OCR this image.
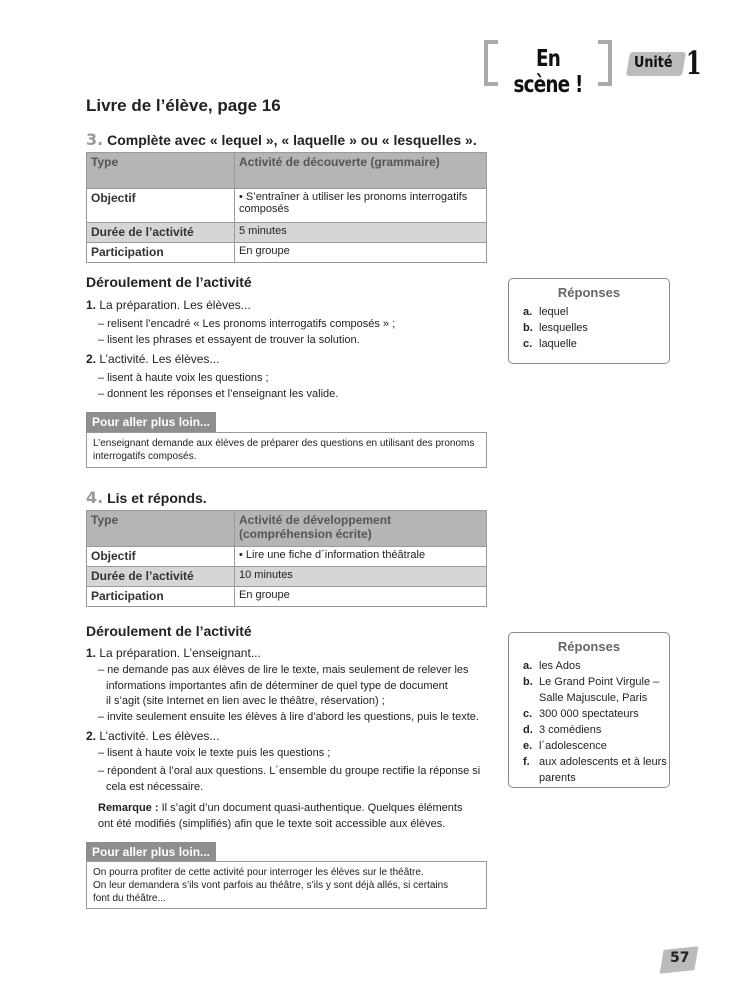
En scène !
Unité 1
Livre de l’élève, page 16
3. Complète avec « lequel », « laquelle » ou « lesquelles ».
Type	Activité de découverte (grammaire)
Objectif	• S’entraîner à utiliser les pronoms interrogatifs composés
Durée de l’activité	5 minutes
Participation	En groupe
Déroulement de l’activité
1. La préparation. Les élèves...
– relisent l’encadré « Les pronoms interrogatifs composés » ;
– lisent les phrases et essayent de trouver la solution.
2. L’activité. Les élèves...
– lisent à haute voix les questions ;
– donnent les réponses et l’enseignant les valide.
Pour aller plus loin...
L’enseignant demande aux élèves de préparer des questions en utilisant des pronoms interrogatifs composés.
Réponses
a. lequel
b. lesquelles
c. laquelle
4. Lis et réponds.
Type	Activité de développement (compréhension écrite)
Objectif	• Lire une fiche d´information théâtrale
Durée de l’activité	10 minutes
Participation	En groupe
Déroulement de l’activité
1. La préparation. L’enseignant...
– ne demande pas aux élèves de lire le texte, mais seulement de relever les
informations importantes afin de déterminer de quel type de document
il s’agit (site Internet en lien avec le théâtre, réservation) ;
– invite seulement ensuite les élèves à lire d’abord les questions, puis le texte.
2. L’activité. Les élèves...
– lisent à haute voix le texte puis les questions ;
– répondent à l’oral aux questions. L´ensemble du groupe rectifie la réponse si
cela est nécessaire.
Remarque : Il s’agit d’un document quasi-authentique. Quelques éléments
ont été modifiés (simplifiés) afin que le texte soit accessible aux élèves.
Pour aller plus loin...
On pourra profiter de cette activité pour interroger les élèves sur le théâtre.
On leur demandera s’ils vont parfois au théâtre, s’ils y sont déjà allés, si certains
font du théâtre...
Réponses
a. les Ados
b. Le Grand Point Virgule –
Salle Majuscule, Paris
c. 300 000 spectateurs
d. 3 comédiens
e. l´adolescence
f. aux adolescents et à leurs
parents
57
